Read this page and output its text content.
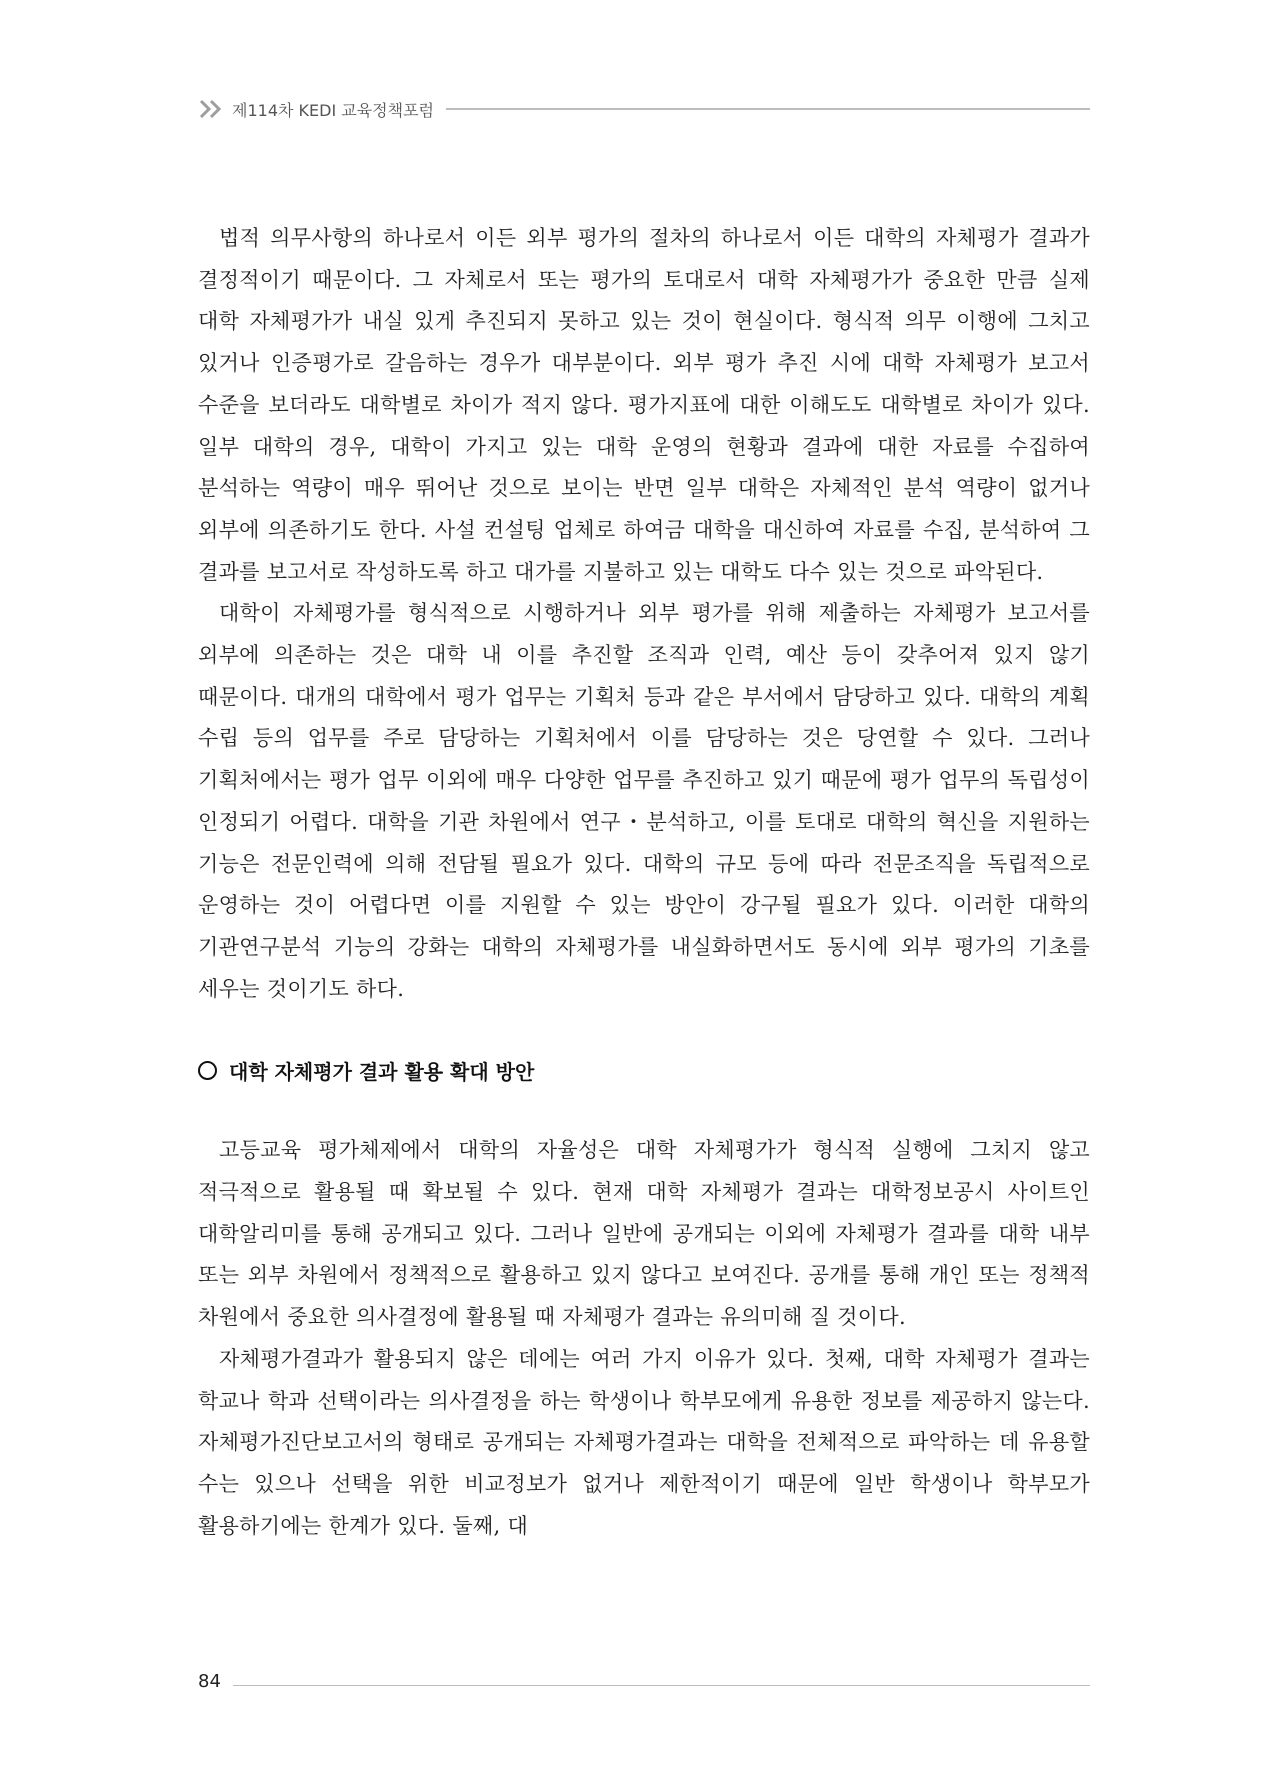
제114차 KEDI 교육정책포럼

법적 의무사항의 하나로서 이든 외부 평가의 절차의 하나로서 이든 대학의 자체평가 결과가 결정적이기 때문이다. 그 자체로서 또는 평가의 토대로서 대학 자체평가가 중요한 만큼 실제 대학 자체평가가 내실 있게 추진되지 못하고 있는 것이 현실이다. 형식적 의무 이행에 그치고 있거나 인증평가로 갈음하는 경우가 대부분이다. 외부 평가 추진 시에 대학 자체평가 보고서 수준을 보더라도 대학별로 차이가 적지 않다. 평가지표에 대한 이해도도 대학별로 차이가 있다. 일부 대학의 경우, 대학이 가지고 있는 대학 운영의 현황과 결과에 대한 자료를 수집하여 분석하는 역량이 매우 뛰어난 것으로 보이는 반면 일부 대학은 자체적인 분석 역량이 없거나 외부에 의존하기도 한다. 사설 컨설팅 업체로 하여금 대학을 대신하여 자료를 수집, 분석하여 그 결과를 보고서로 작성하도록 하고 대가를 지불하고 있는 대학도 다수 있는 것으로 파악된다.

대학이 자체평가를 형식적으로 시행하거나 외부 평가를 위해 제출하는 자체평가 보고서를 외부에 의존하는 것은 대학 내 이를 추진할 조직과 인력, 예산 등이 갖추어져 있지 않기 때문이다. 대개의 대학에서 평가 업무는 기획처 등과 같은 부서에서 담당하고 있다. 대학의 계획 수립 등의 업무를 주로 담당하는 기획처에서 이를 담당하는 것은 당연할 수 있다. 그러나 기획처에서는 평가 업무 이외에 매우 다양한 업무를 추진하고 있기 때문에 평가 업무의 독립성이 인정되기 어렵다. 대학을 기관 차원에서 연구・분석하고, 이를 토대로 대학의 혁신을 지원하는 기능은 전문인력에 의해 전담될 필요가 있다. 대학의 규모 등에 따라 전문조직을 독립적으로 운영하는 것이 어렵다면 이를 지원할 수 있는 방안이 강구될 필요가 있다. 이러한 대학의 기관연구분석 기능의 강화는 대학의 자체평가를 내실화하면서도 동시에 외부 평가의 기초를 세우는 것이기도 하다.

대학 자체평가 결과 활용 확대 방안

고등교육 평가체제에서 대학의 자율성은 대학 자체평가가 형식적 실행에 그치지 않고 적극적으로 활용될 때 확보될 수 있다. 현재 대학 자체평가 결과는 대학정보공시 사이트인 대학알리미를 통해 공개되고 있다. 그러나 일반에 공개되는 이외에 자체평가 결과를 대학 내부 또는 외부 차원에서 정책적으로 활용하고 있지 않다고 보여진다. 공개를 통해 개인 또는 정책적 차원에서 중요한 의사결정에 활용될 때 자체평가 결과는 유의미해 질 것이다.

자체평가결과가 활용되지 않은 데에는 여러 가지 이유가 있다. 첫째, 대학 자체평가 결과는 학교나 학과 선택이라는 의사결정을 하는 학생이나 학부모에게 유용한 정보를 제공하지 않는다. 자체평가진단보고서의 형태로 공개되는 자체평가결과는 대학을 전체적으로 파악하는 데 유용할 수는 있으나 선택을 위한 비교정보가 없거나 제한적이기 때문에 일반 학생이나 학부모가 활용하기에는 한계가 있다. 둘째, 대

84
